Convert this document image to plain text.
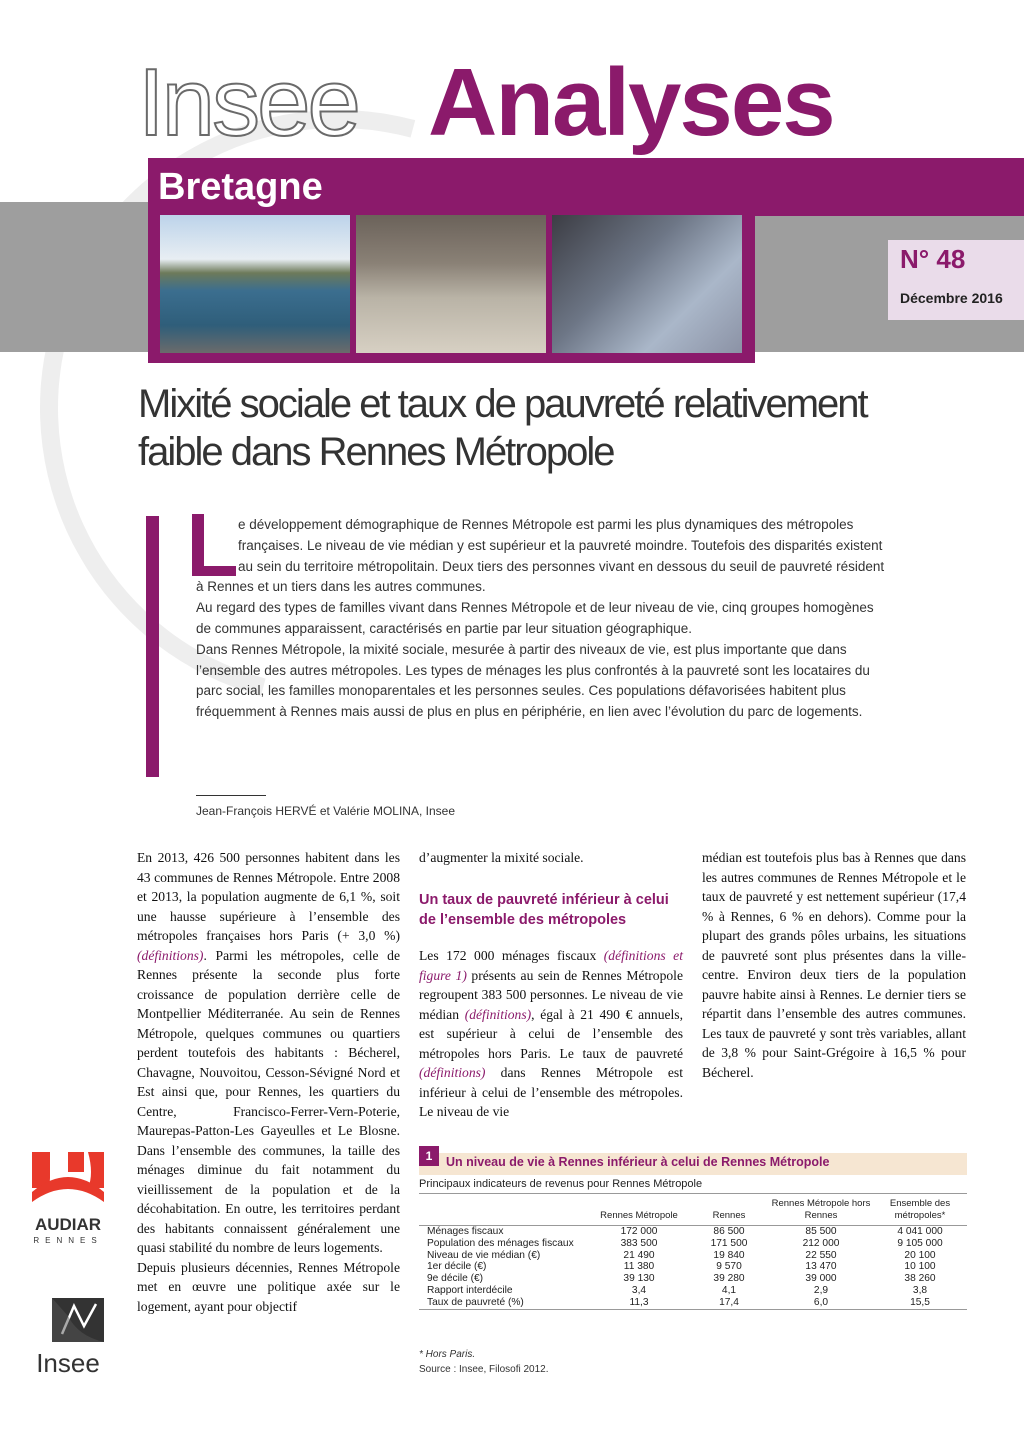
Insee Analyses
Bretagne
N° 48
Décembre 2016
Mixité sociale et taux de pauvreté relativement faible dans Rennes Métropole

e développement démographique de Rennes Métropole est parmi les plus dynamiques des métropoles françaises. Le niveau de vie médian y est supérieur et la pauvreté moindre. Toutefois des disparités existent au sein du territoire métropolitain. Deux tiers des personnes vivant en dessous du seuil de pauvreté résident à Rennes et un tiers dans les autres communes.

Au regard des types de familles vivant dans Rennes Métropole et de leur niveau de vie, cinq groupes homogènes de communes apparaissent, caractérisés en partie par leur situation géographique.

Dans Rennes Métropole, la mixité sociale, mesurée à partir des niveaux de vie, est plus importante que dans l’ensemble des autres métropoles. Les types de ménages les plus confrontés à la pauvreté sont les locataires du parc social, les familles monoparentales et les personnes seules. Ces populations défavorisées habitent plus fréquemment à Rennes mais aussi de plus en plus en périphérie, en lien avec l’évolution du parc de logements.

Jean-François HERVÉ et Valérie MOLINA, Insee

En 2013, 426 500 personnes habitent dans les 43 communes de Rennes Métropole. Entre 2008 et 2013, la population augmente de 6,1 %, soit une hausse supérieure à l’ensemble des métropoles françaises hors Paris (+ 3,0 %) (définitions). Parmi les métropoles, celle de Rennes présente la seconde plus forte croissance de population derrière celle de Montpellier Méditerranée. Au sein de Rennes Métropole, quelques communes ou quartiers perdent toutefois des habitants : Bécherel, Chavagne, Nouvoitou, Cesson-Sévigné Nord et Est ainsi que, pour Rennes, les quartiers du Centre, Francisco-Ferrer-Vern-Poterie, Maurepas-Patton-Les Gayeulles et Le Blosne. Dans l’ensemble des communes, la taille des ménages diminue du fait notamment du vieillissement de la population et de la décohabitation. En outre, les territoires perdant des habitants connaissent généralement une quasi stabilité du nombre de leurs logements.

Depuis plusieurs décennies, Rennes Métropole met en œuvre une politique axée sur le logement, ayant pour objectif

d’augmenter la mixité sociale.

Un taux de pauvreté inférieur à celui de l’ensemble des métropoles

Les 172 000 ménages fiscaux (définitions et figure 1) présents au sein de Rennes Métropole regroupent 383 500 personnes. Le niveau de vie médian (définitions), égal à 21 490 € annuels, est supérieur à celui de l’ensemble des métropoles hors Paris. Le taux de pauvreté (définitions) dans Rennes Métropole est inférieur à celui de l’ensemble des métropoles. Le niveau de vie

médian est toutefois plus bas à Rennes que dans les autres communes de Rennes Métropole et le taux de pauvreté y est nettement supérieur (17,4 % à Rennes, 6 % en dehors). Comme pour la plupart des grands pôles urbains, les situations de pauvreté sont plus présentes dans la ville-centre. Environ deux tiers de la population pauvre habite ainsi à Rennes. Le dernier tiers se répartit dans l’ensemble des autres communes. Les taux de pauvreté y sont très variables, allant de 3,8 % pour Saint-Grégoire à 16,5 % pour Bécherel.

AUDIAR
RENNES
Insee
1	Un niveau de vie à Rennes inférieur à celui de Rennes Métropole
Principaux indicateurs de revenus pour Rennes Métropole
	Rennes Métropole	Rennes	Rennes Métropole hors Rennes	Ensemble des métropoles*
Ménages fiscaux	172 000	86 500	85 500	4 041 000
Population des ménages fiscaux	383 500	171 500	212 000	9 105 000
Niveau de vie médian (€)	21 490	19 840	22 550	20 100
1er décile (€)	11 380	9 570	13 470	10 100
9e décile (€)	39 130	39 280	39 000	38 260
Rapport interdécile	3,4	4,1	2,9	3,8
Taux de pauvreté (%)	11,3	17,4	6,0	15,5
* Hors Paris.
Source : Insee, Filosofi 2012.
